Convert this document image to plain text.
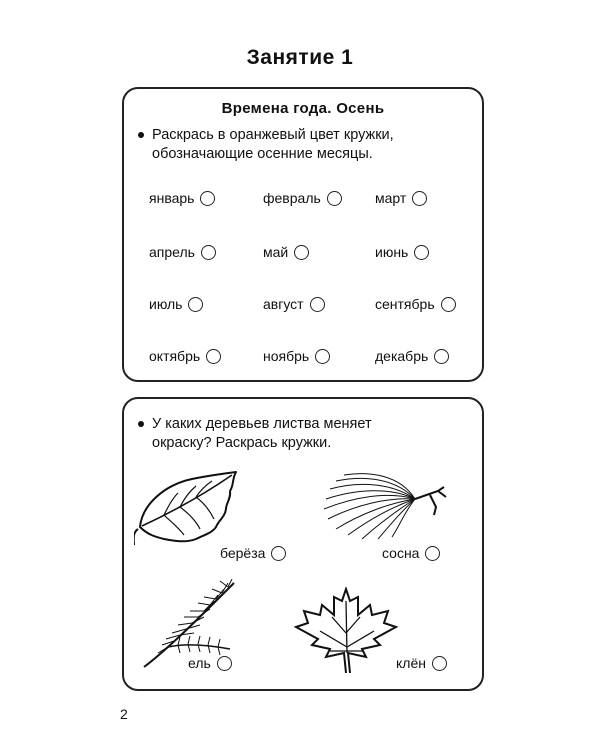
Занятие 1
Времена года. Осень
Раскрась в оранжевый цвет кружки,
обозначающие осенние месяцы.
январь	февраль	март
апрель	май	июнь
июль	август	сентябрь
октябрь	ноябрь	декабрь
У каких деревьев листва меняет
окраску? Раскрась кружки.
берёза	сосна
ель	клён
2
